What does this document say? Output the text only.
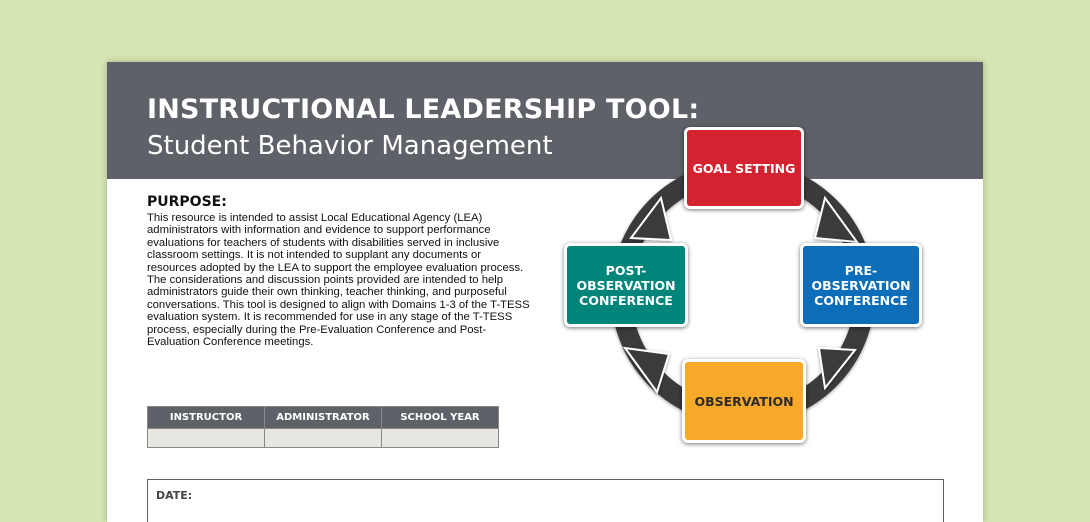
INSTRUCTIONAL LEADERSHIP TOOL:
Student Behavior Management
PURPOSE:
This resource is intended to assist Local Educational Agency (LEA) administrators with information and evidence to support performance evaluations for teachers of students with disabilities served in inclusive classroom settings. It is not intended to supplant any documents or resources adopted by the LEA to support the employee evaluation process. The considerations and discussion points provided are intended to help administrators guide their own thinking, teacher thinking, and purposeful conversations. This tool is designed to align with Domains 1-3 of the T-TESS evaluation system. It is recommended for use in any stage of the T-TESS process, especially during the Pre-Evaluation Conference and Post-Evaluation Conference meetings.
INSTRUCTOR	ADMINISTRATOR	SCHOOL YEAR

DATE:
GOAL SETTING
PRE-
OBSERVATION
CONFERENCE
OBSERVATION
POST-
OBSERVATION
CONFERENCE
